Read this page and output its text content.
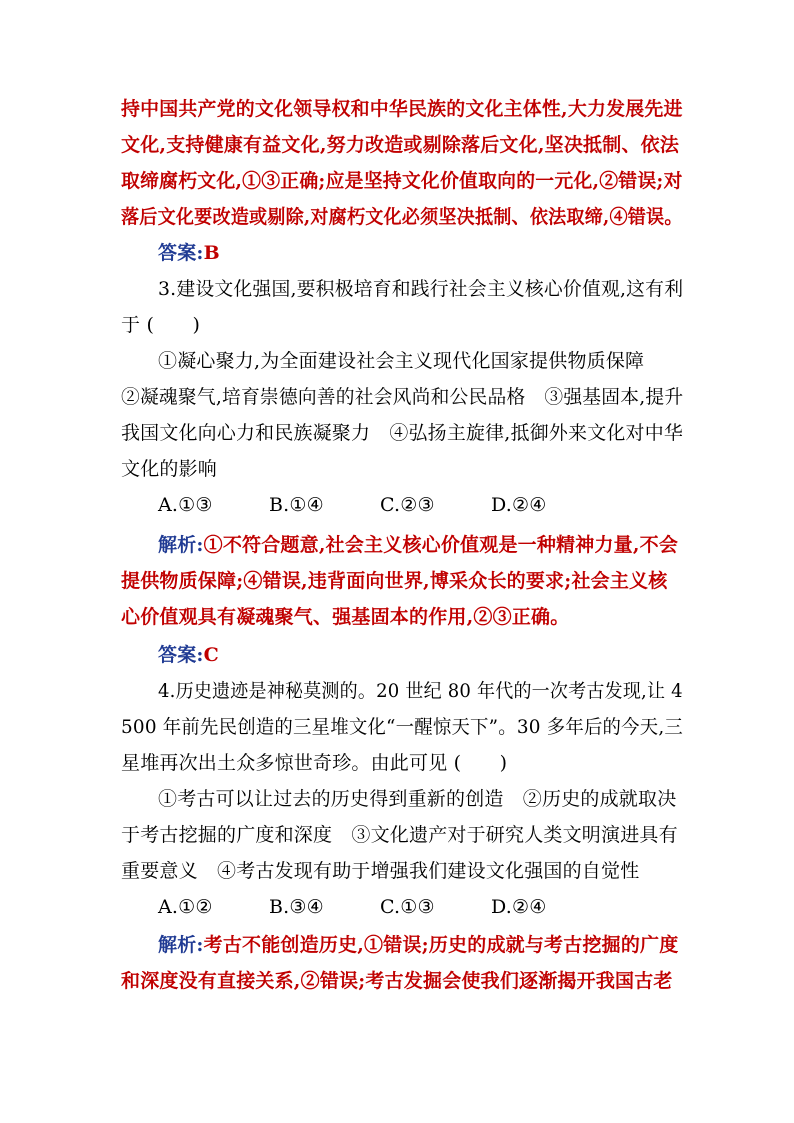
持中国共产党的文化领导权和中华民族的文化主体性,大力发展先进
文化,支持健康有益文化,努力改造或剔除落后文化,坚决抵制、依法
取缔腐朽文化,①③正确;应是坚持文化价值取向的一元化,②错误;对
落后文化要改造或剔除,对腐朽文化必须坚决抵制、依法取缔,④错误。
答案:B
3.建设文化强国,要积极培育和践行社会主义核心价值观,这有利
于 (　　)
①凝心聚力,为全面建设社会主义现代化国家提供物质保障
②凝魂聚气,培育崇德向善的社会风尚和公民品格　③强基固本,提升
我国文化向心力和民族凝聚力　④弘扬主旋律,抵御外来文化对中华
文化的影响
A.①③	B.①④	C.②③	D.②④
解析:①不符合题意,社会主义核心价值观是一种精神力量,不会
提供物质保障;④错误,违背面向世界,博采众长的要求;社会主义核
心价值观具有凝魂聚气、强基固本的作用,②③正确。
答案:C
4.历史遗迹是神秘莫测的。20 世纪 80 年代的一次考古发现,让 4
500 年前先民创造的三星堆文化“一醒惊天下”。30 多年后的今天,三
星堆再次出土众多惊世奇珍。由此可见 (　　)
①考古可以让过去的历史得到重新的创造　②历史的成就取决
于考古挖掘的广度和深度　③文化遗产对于研究人类文明演进具有
重要意义　④考古发现有助于增强我们建设文化强国的自觉性
A.①②	B.③④	C.①③	D.②④
解析:考古不能创造历史,①错误;历史的成就与考古挖掘的广度
和深度没有直接关系,②错误;考古发掘会使我们逐渐揭开我国古老
